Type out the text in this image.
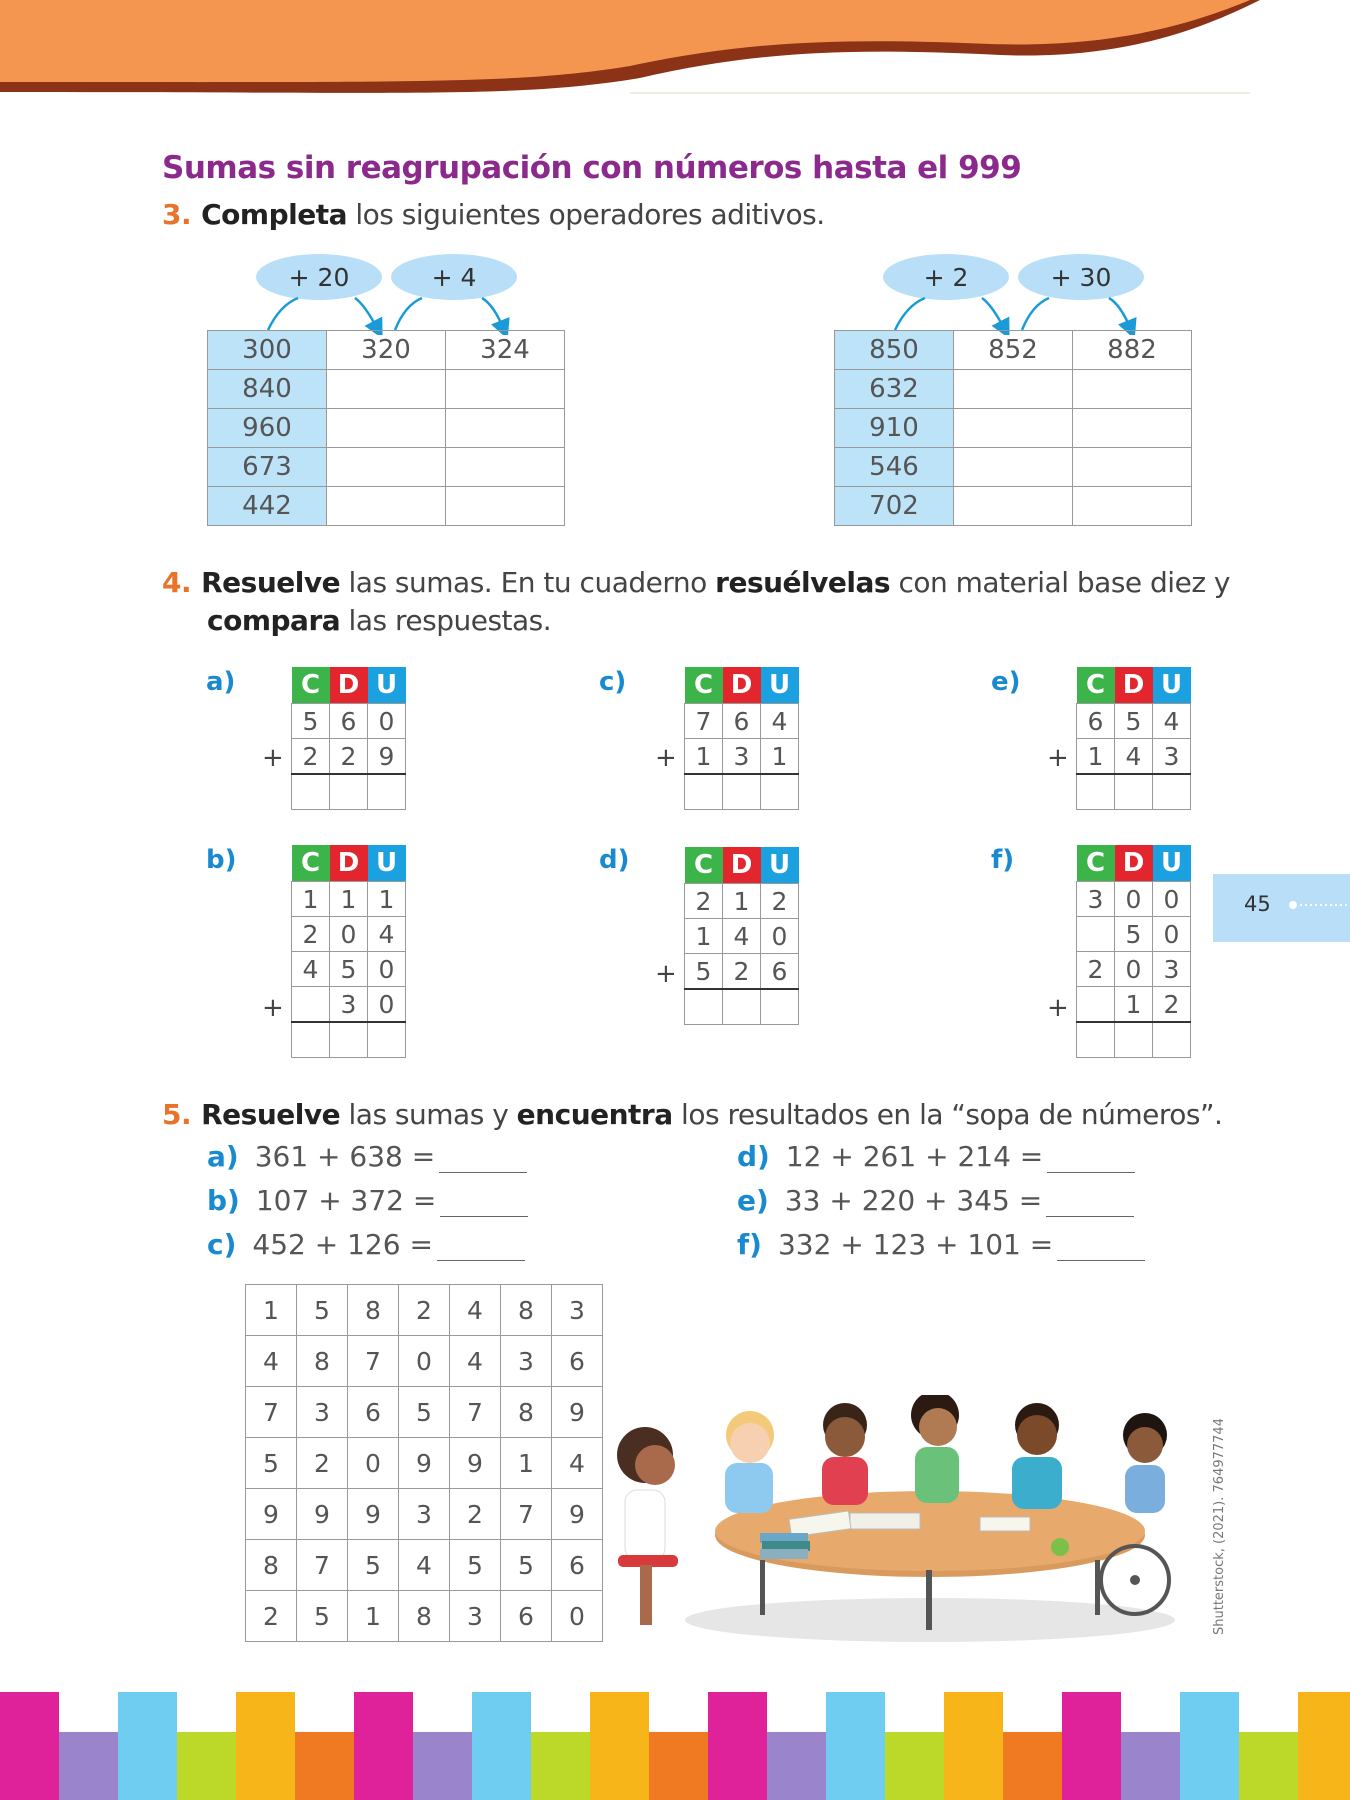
Sumas sin reagrupación con números hasta el 999
3. Completa los siguientes operadores aditivos.
+ 20	+ 4
300	320	324
840		
960		
673		
442		
+ 2	+ 30
850	852	882
632		
910		
546		
702		
4. Resuelve las sumas. En tu cuaderno resuélvelas con material base diez y
compara las respuestas.
a)	C	D	U
5	6	0
2	2	9

+
c)	C	D	U
7	6	4
1	3	1

+
e)	C	D	U
6	5	4
1	4	3

+
b) C	D	U
1	1	1
2	0	4
4	5	0
	3	0

+
d) C	D	U
2	1	2
1	4	0
5	2	6

+
f)	C	D	U
3	0	0
	5	0
2	0	3
	1	2

+
5. Resuelve las sumas y encuentra los resultados en la “sopa de números”.
a) 361 + 638 =
b) 107 + 372 =
c) 452 + 126 =
d) 12 + 261 + 214 =
e) 33 + 220 + 345 =
f) 332 + 123 + 101 =
1	5	8	2	4	8	3
4	8	7	0	4	3	6
7	3	6	5	7	8	9
5	2	0	9	9	1	4
9	9	9	3	2	7	9
8	7	5	4	5	5	6
2	5	1	8	3	6	0
45
Shutterstock, (2021). 764977744
